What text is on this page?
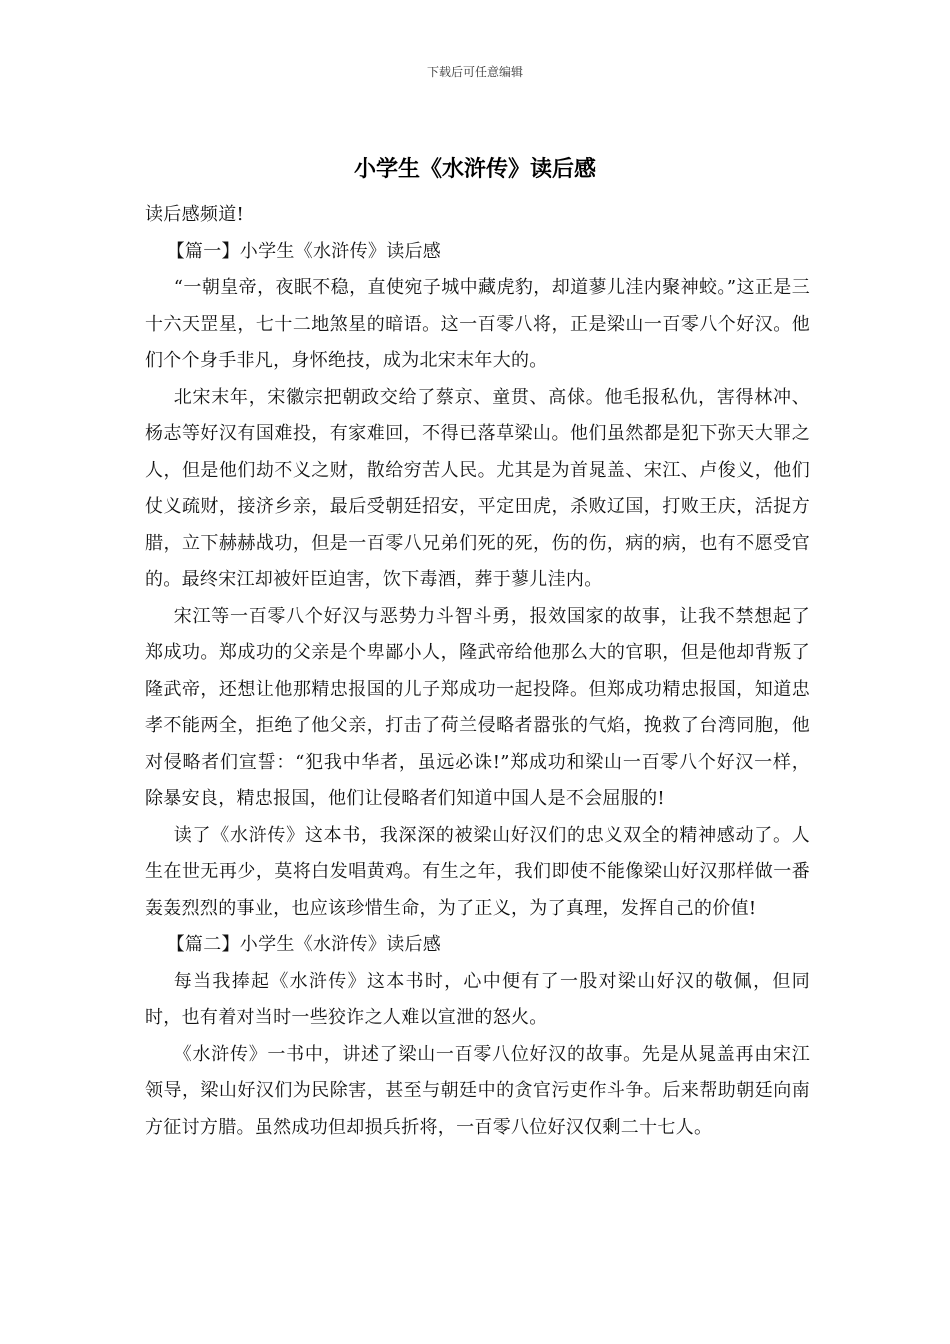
下载后可任意编辑
小学生《水浒传》读后感

读后感频道!

【篇一】小学生《水浒传》读后感

“一朝皇帝，夜眠不稳，直使宛子城中藏虎豹，却道蓼儿洼内聚神蛟。”这正是三十六天罡星，七十二地煞星的暗语。这一百零八将，正是梁山一百零八个好汉。他们个个身手非凡，身怀绝技，成为北宋末年大的。

北宋末年，宋徽宗把朝政交给了蔡京、童贯、高俅。他毛报私仇，害得林冲、杨志等好汉有国难投，有家难回，不得已落草梁山。他们虽然都是犯下弥天大罪之人，但是他们劫不义之财，散给穷苦人民。尤其是为首晁盖、宋江、卢俊义，他们仗义疏财，接济乡亲，最后受朝廷招安，平定田虎，杀败辽国，打败王庆，活捉方腊，立下赫赫战功，但是一百零八兄弟们死的死，伤的伤，病的病，也有不愿受官的。最终宋江却被奸臣迫害，饮下毒酒，葬于蓼儿洼内。

宋江等一百零八个好汉与恶势力斗智斗勇，报效国家的故事，让我不禁想起了郑成功。郑成功的父亲是个卑鄙小人，隆武帝给他那么大的官职，但是他却背叛了隆武帝，还想让他那精忠报国的儿子郑成功一起投降。但郑成功精忠报国，知道忠孝不能两全，拒绝了他父亲，打击了荷兰侵略者嚣张的气焰，挽救了台湾同胞，他对侵略者们宣誓：“犯我中华者，虽远必诛!”郑成功和梁山一百零八个好汉一样，除暴安良，精忠报国，他们让侵略者们知道中国人是不会屈服的!

读了《水浒传》这本书，我深深的被梁山好汉们的忠义双全的精神感动了。人生在世无再少，莫将白发唱黄鸡。有生之年，我们即使不能像梁山好汉那样做一番轰轰烈烈的事业，也应该珍惜生命，为了正义，为了真理，发挥自己的价值!

【篇二】小学生《水浒传》读后感

每当我捧起《水浒传》这本书时，心中便有了一股对梁山好汉的敬佩，但同时，也有着对当时一些狡诈之人难以宣泄的怒火。

《水浒传》一书中，讲述了梁山一百零八位好汉的故事。先是从晁盖再由宋江领导，梁山好汉们为民除害，甚至与朝廷中的贪官污吏作斗争。后来帮助朝廷向南方征讨方腊。虽然成功但却损兵折将，一百零八位好汉仅剩二十七人。
